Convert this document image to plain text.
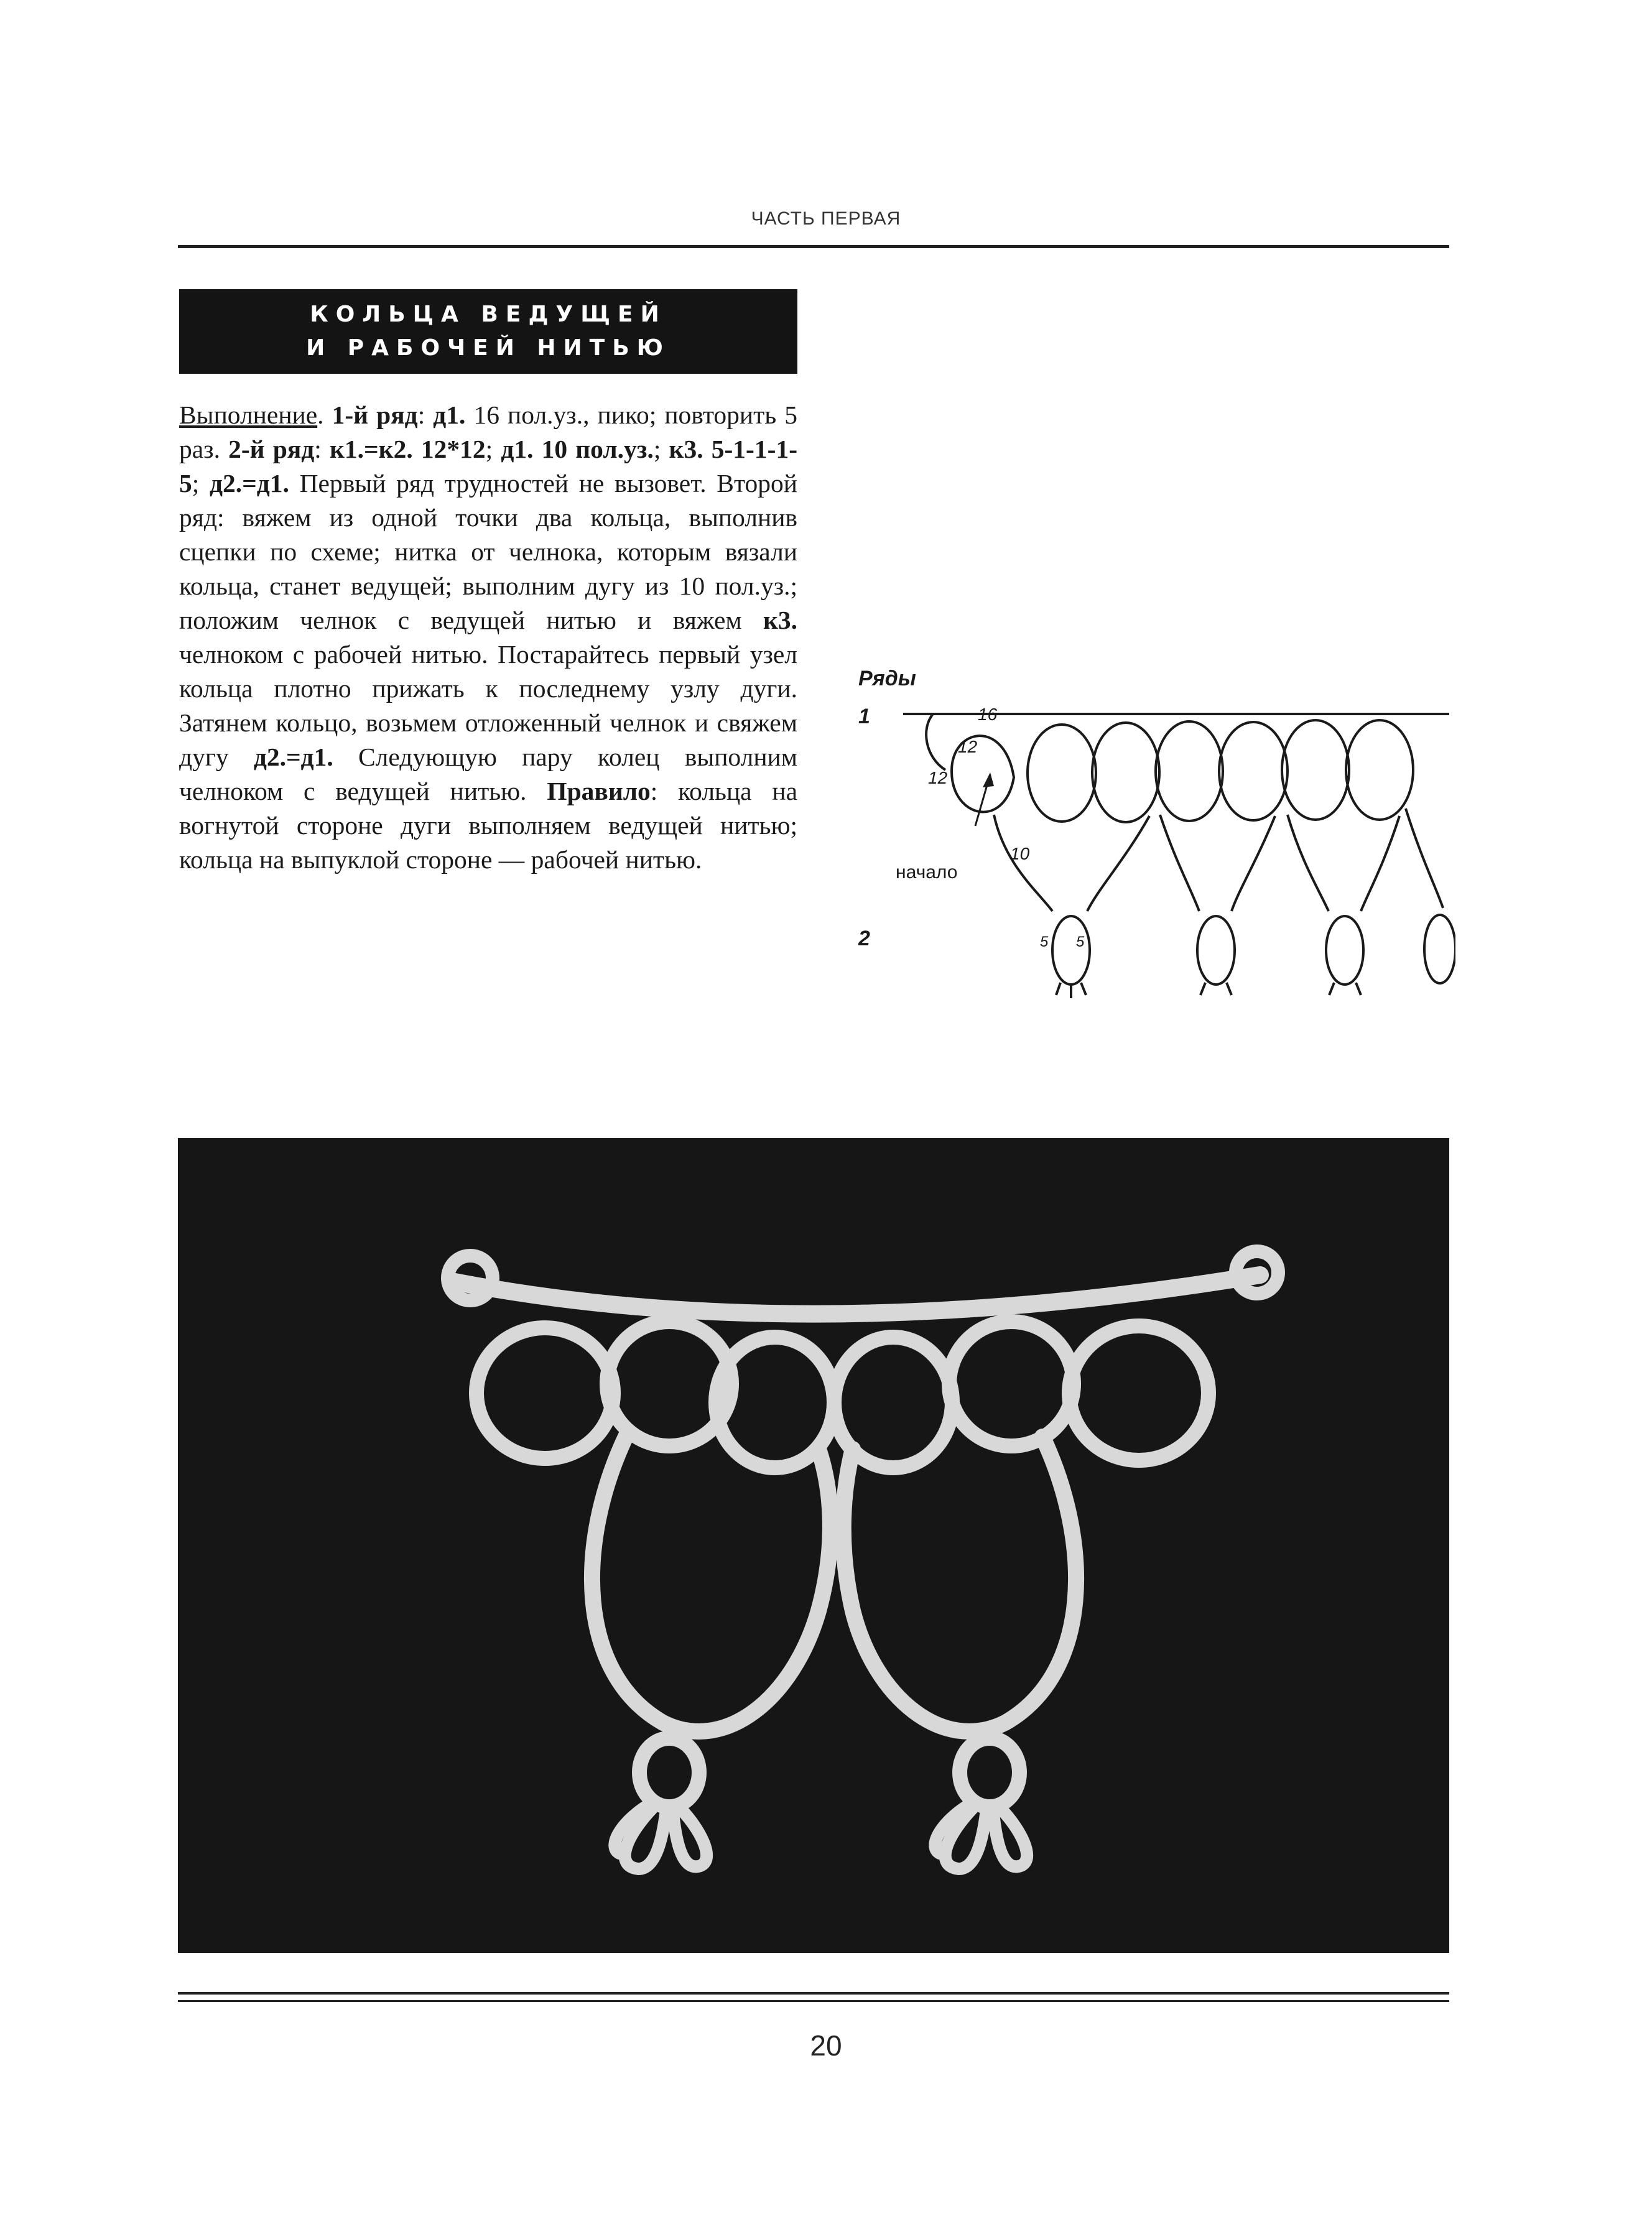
ЧАСТЬ ПЕРВАЯ
КОЛЬЦА ВЕДУЩЕЙ
И РАБОЧЕЙ НИТЬЮ

Выполнение. 1-й ряд: д1. 16 пол.уз., пико; повторить 5 раз. 2-й ряд: к1.=к2. 12*12; д1. 10 пол.уз.; к3. 5-1-1-1-5; д2.=д1. Первый ряд трудностей не вызовет. Второй ряд: вяжем из одной точки два кольца, выполнив сцепки по схеме; нитка от челнока, которым вязали кольца, станет ведущей; выполним дугу из 10 пол.уз.; положим челнок с ведущей нитью и вяжем к3. челноком с рабочей нитью. Постарайтесь первый узел кольца плотно прижать к последнему узлу дуги. Затянем кольцо, возьмем отложенный челнок и свяжем дугу д2.=д1. Следующую пару колец выполним челноком с ведущей нитью. Правило: кольца на вогнутой стороне дуги выполняем ведущей нитью; кольца на выпуклой стороне — рабочей нитью.

Ряды
1
2
16
12
12
10
начало
5 5
20
